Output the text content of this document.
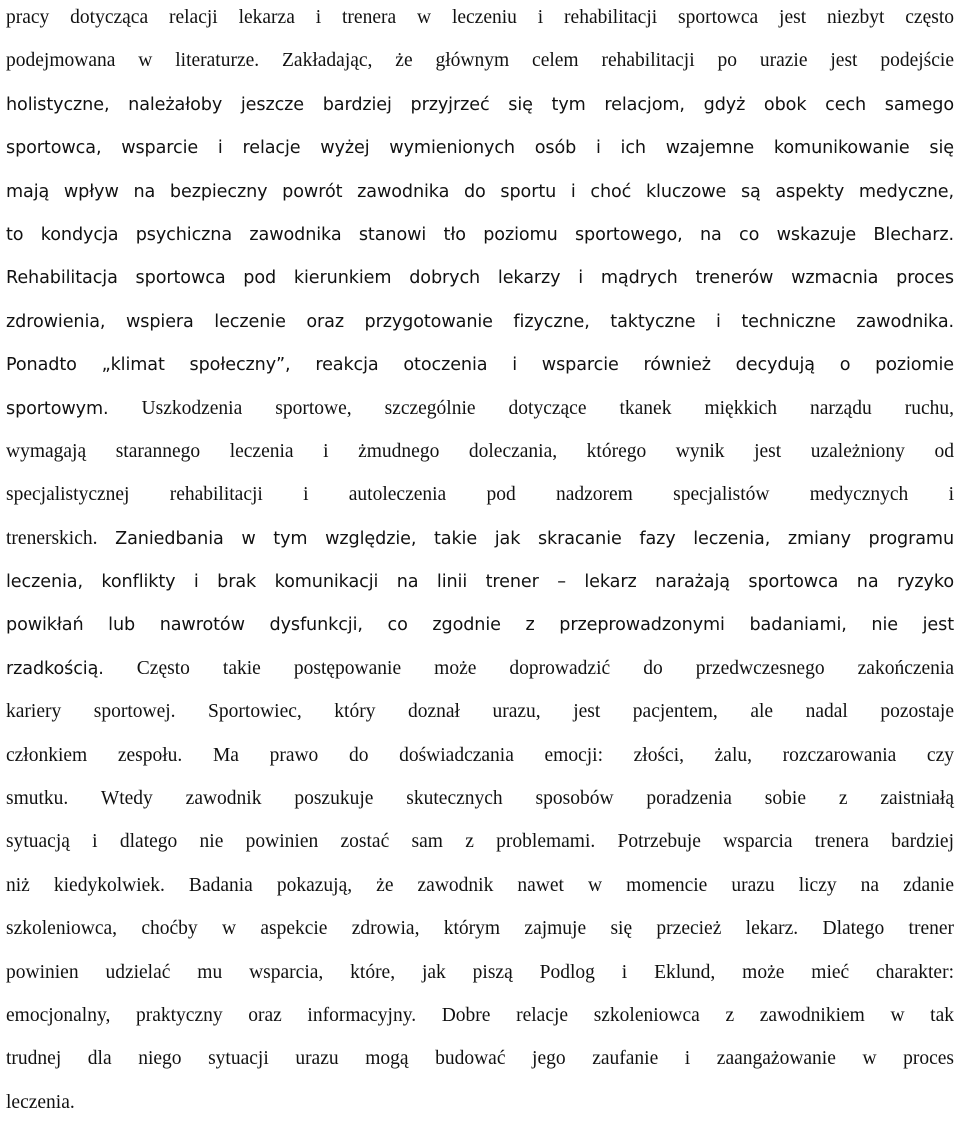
pracy dotycząca relacji lekarza i trenera w leczeniu i rehabilitacji sportowca jest niezbyt często
podejmowana w literaturze. Zakładając, że głównym celem rehabilitacji po urazie jest podejście
holistyczne, należałoby jeszcze bardziej przyjrzeć się tym relacjom, gdyż obok cech samego
sportowca, wsparcie i relacje wyżej wymienionych osób i ich wzajemne komunikowanie się
mają wpływ na bezpieczny powrót zawodnika do sportu i choć kluczowe są aspekty medyczne,
to kondycja psychiczna zawodnika stanowi tło poziomu sportowego, na co wskazuje Blecharz.
Rehabilitacja sportowca pod kierunkiem dobrych lekarzy i mądrych trenerów wzmacnia proces
zdrowienia, wspiera leczenie oraz przygotowanie fizyczne, taktyczne i techniczne zawodnika.
Ponadto „klimat społeczny”, reakcja otoczenia i wsparcie również decydują o poziomie
sportowym. Uszkodzenia sportowe, szczególnie dotyczące tkanek miękkich narządu ruchu,
wymagają starannego leczenia i żmudnego doleczania, którego wynik jest uzależniony od
specjalistycznej rehabilitacji i autoleczenia pod nadzorem specjalistów medycznych i
trenerskich. Zaniedbania w tym względzie, takie jak skracanie fazy leczenia, zmiany programu
leczenia, konflikty i brak komunikacji na linii trener – lekarz narażają sportowca na ryzyko
powikłań lub nawrotów dysfunkcji, co zgodnie z przeprowadzonymi badaniami, nie jest
rzadkością. Często takie postępowanie może doprowadzić do przedwczesnego zakończenia
kariery sportowej. Sportowiec, który doznał urazu, jest pacjentem, ale nadal pozostaje
członkiem zespołu. Ma prawo do doświadczania emocji: złości, żalu, rozczarowania czy
smutku. Wtedy zawodnik poszukuje skutecznych sposobów poradzenia sobie z zaistniałą
sytuacją i dlatego nie powinien zostać sam z problemami. Potrzebuje wsparcia trenera bardziej
niż kiedykolwiek. Badania pokazują, że zawodnik nawet w momencie urazu liczy na zdanie
szkoleniowca, choćby w aspekcie zdrowia, którym zajmuje się przecież lekarz. Dlatego trener
powinien udzielać mu wsparcia, które, jak piszą Podlog i Eklund, może mieć charakter:
emocjonalny, praktyczny oraz informacyjny. Dobre relacje szkoleniowca z zawodnikiem w tak
trudnej dla niego sytuacji urazu mogą budować jego zaufanie i zaangażowanie w proces
leczenia.
